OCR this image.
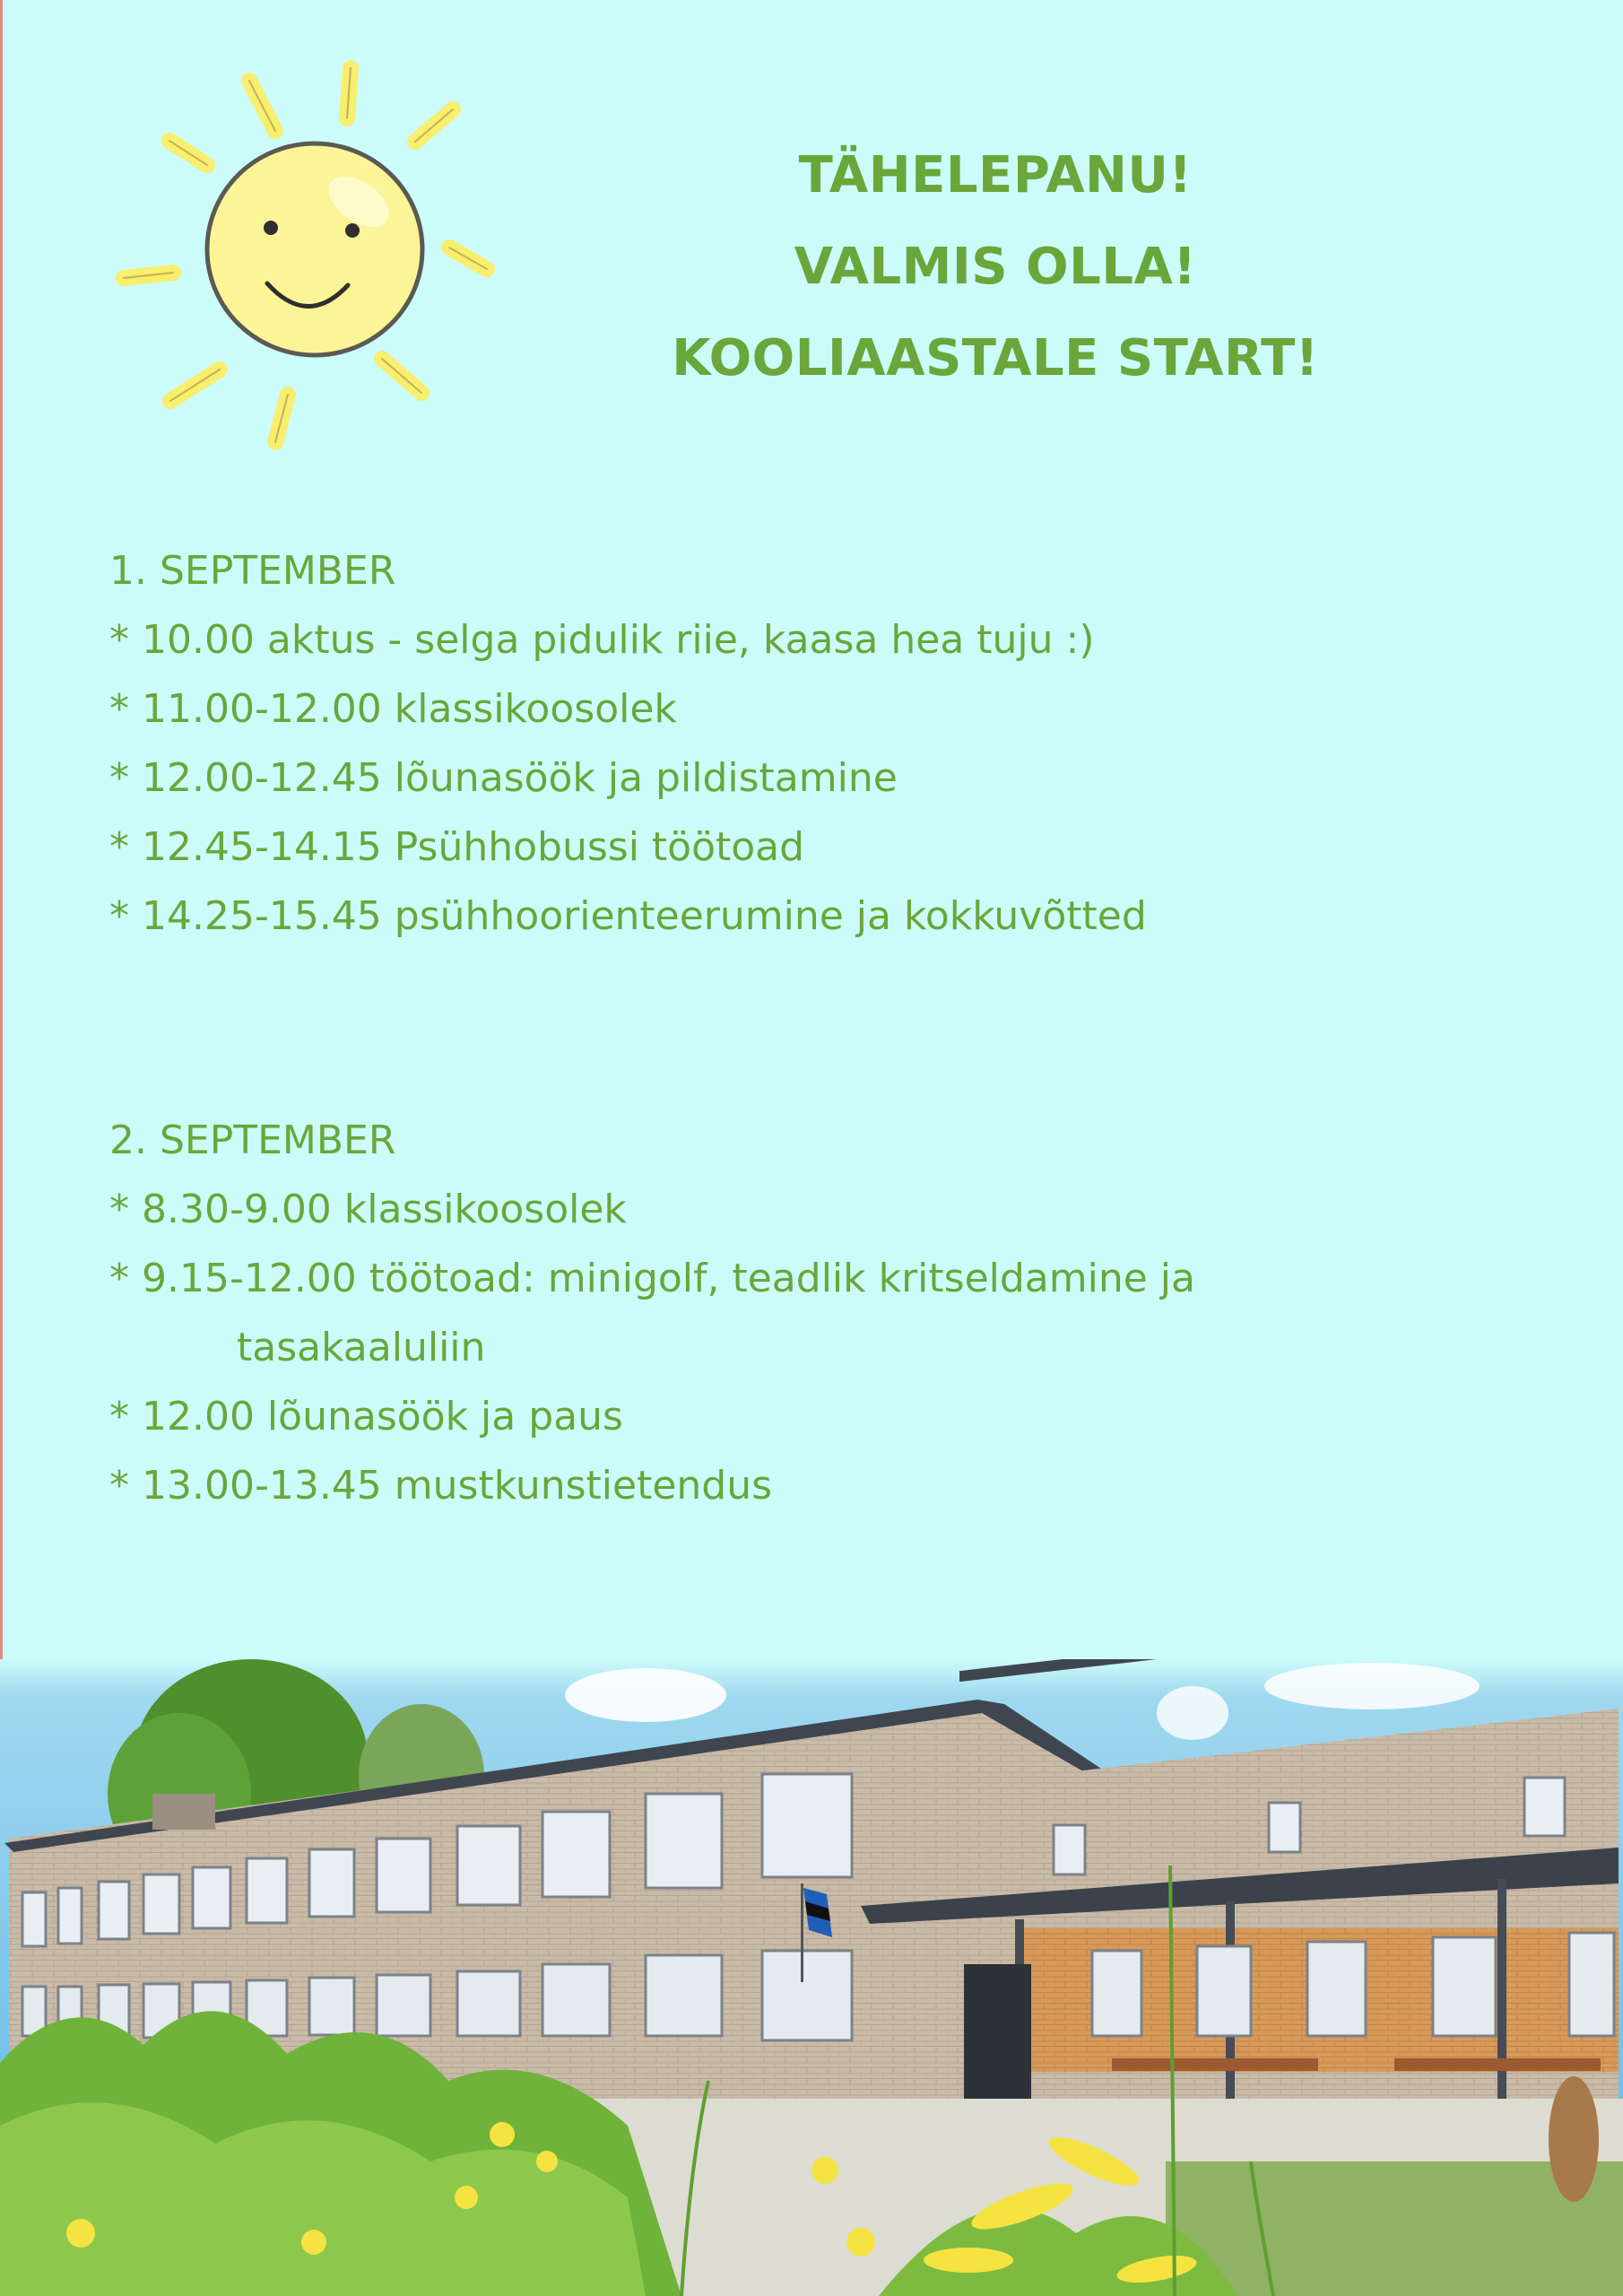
TÄHELEPANU!
VALMIS OLLA!
KOOLIAASTALE START!
1. SEPTEMBER
* 10.00 aktus - selga pidulik riie, kaasa hea tuju :)
* 11.00-12.00 klassikoosolek
* 12.00-12.45 lõunasöök ja pildistamine
* 12.45-14.15 Psühhobussi töötoad
* 14.25-15.45 psühhoorienteerumine ja kokkuvõtted
2. SEPTEMBER
* 8.30-9.00 klassikoosolek
* 9.15-12.00 töötoad: minigolf, teadlik kritseldamine ja
tasakaaluliin
* 12.00 lõunasöök ja paus
* 13.00-13.45 mustkunstietendus
